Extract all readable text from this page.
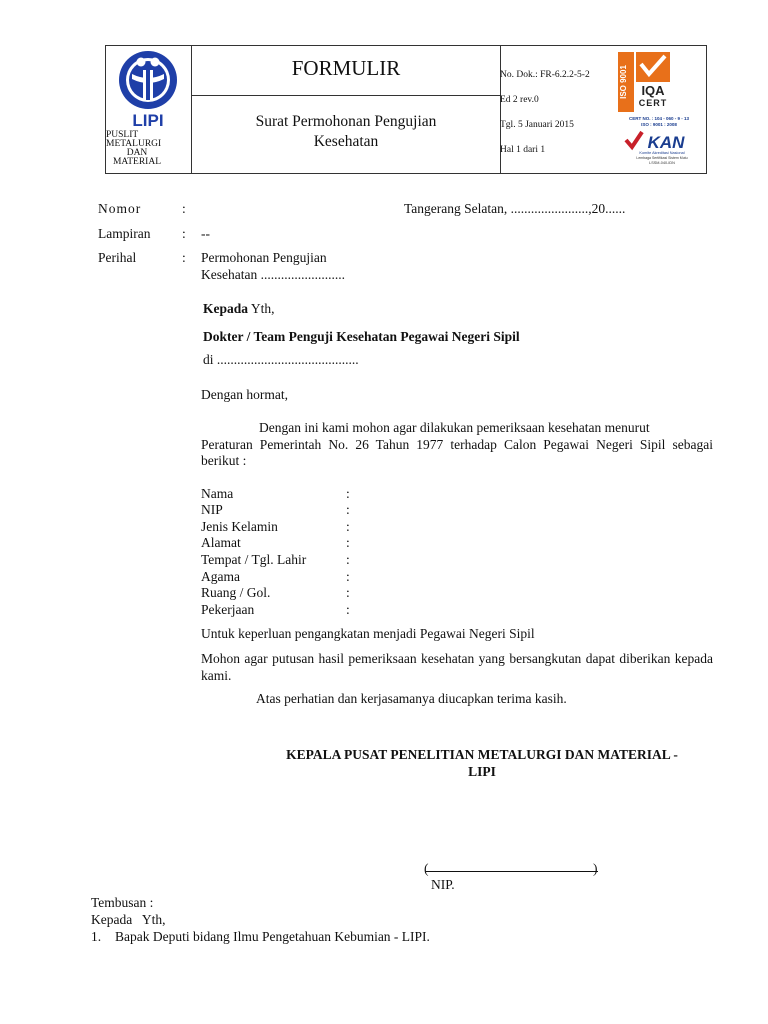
LIPI
PUSLIT
METALURGI
DAN
MATERIAL
FORMULIR
Surat Permohonan Pengujian
Kesehatan
No. Dok.: FR-6.2.2-5-2
Ed 2 rev.0
Tgl. 5 Januari 2015
Hal 1 dari 1
ISO 9001 IQA
CERT
CERT NO. : 104 - 060 - 9 - 13
ISO : 9001 : 2008
KAN
Komite Akreditasi Nasional
Lembaga Sertifikasi Sistem Mutu
LSSM-040-IDN
Nomor	:	Tangerang Selatan, .......................,20......
Lampiran : --
Perihal	: Permohonan Pengujian
Kesehatan .........................
Kepada Yth,
Dokter / Team Penguji Kesehatan Pegawai Negeri Sipil
di ..........................................
Dengan hormat,
Dengan ini kami mohon agar dilakukan pemeriksaan kesehatan menurut
Peraturan Pemerintah No. 26 Tahun 1977 terhadap Calon Pegawai Negeri Sipil sebagai berikut :
Nama	:
NIP	:
Jenis Kelamin	:
Alamat	:
Tempat / Tgl. Lahir	:
Agama	:
Ruang / Gol.	:
Pekerjaan	:
Untuk keperluan pengangkatan menjadi Pegawai Negeri Sipil
Mohon agar putusan hasil pemeriksaan kesehatan yang bersangkutan dapat diberikan kepada kami.
Atas perhatian dan kerjasamanya diucapkan terima kasih.
KEPALA PUSAT PENELITIAN METALURGI DAN MATERIAL -
LIPI
(	)
NIP.
Tembusan :
Kepada   Yth,
1. Bapak Deputi bidang Ilmu Pengetahuan Kebumian - LIPI.
